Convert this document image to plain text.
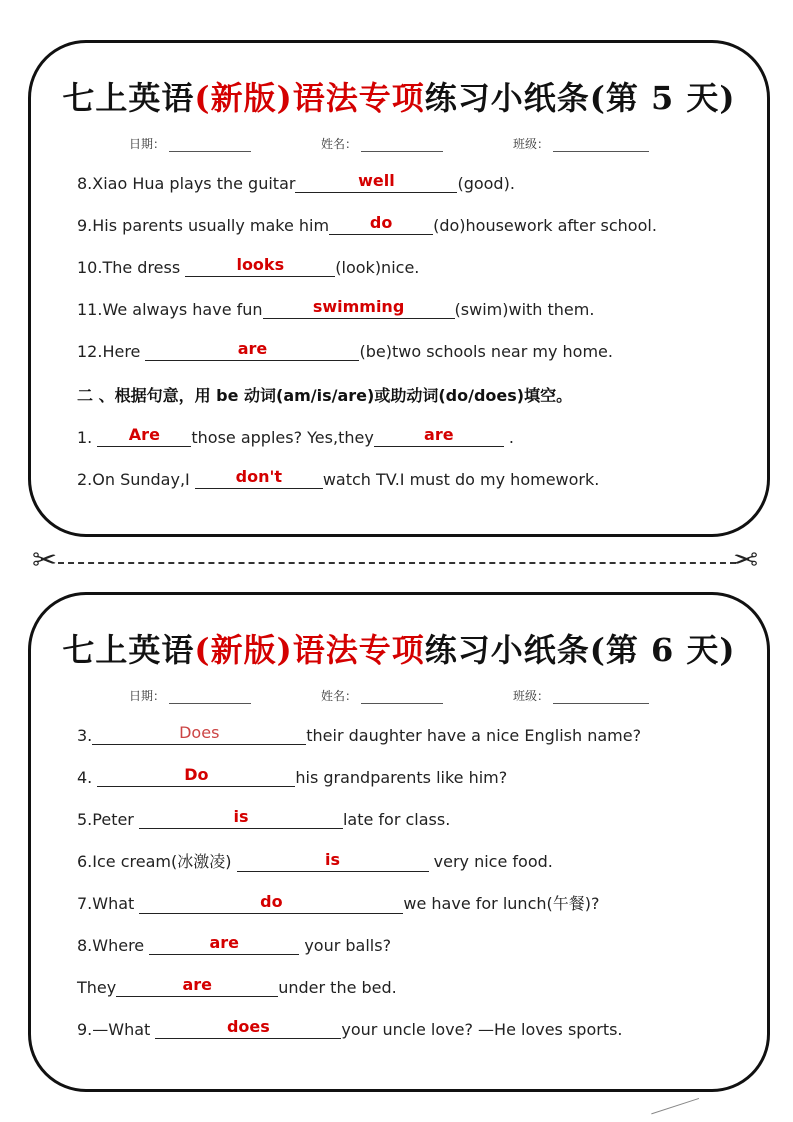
七上英语(新版)语法专项练习小纸条(第 5 天)
日期：	姓名：	班级：
8.Xiao Hua plays the guitar	well	(good).
9.His parents usually make him	do	(do)housework after school.
10.The dress	looks	(look)nice.
11.We always have fun	swimming	(swim)with them.
12.Here	are	(be)two schools near my home.
二 、根据句意，用 be 动词(am/is/are)或助动词(do/does)填空。
1. Are those apples? Yes,they	are	.
2.On Sunday,I	don't	watch TV.I must do my homework.
✂	✂
七上英语(新版)语法专项练习小纸条(第 6 天)
日期：	姓名：	班级：
3.	Does	their daughter have a nice English name?
4.	Do	his grandparents like him?
5.Peter	is	late for class.
6.Ice cream(冰激凌)	is	very nice food.
7.What	do	we have for lunch(午餐)?
8.Where	are	your balls?
They	are	under the bed.
9.—What	does	your uncle love? —He loves sports.
